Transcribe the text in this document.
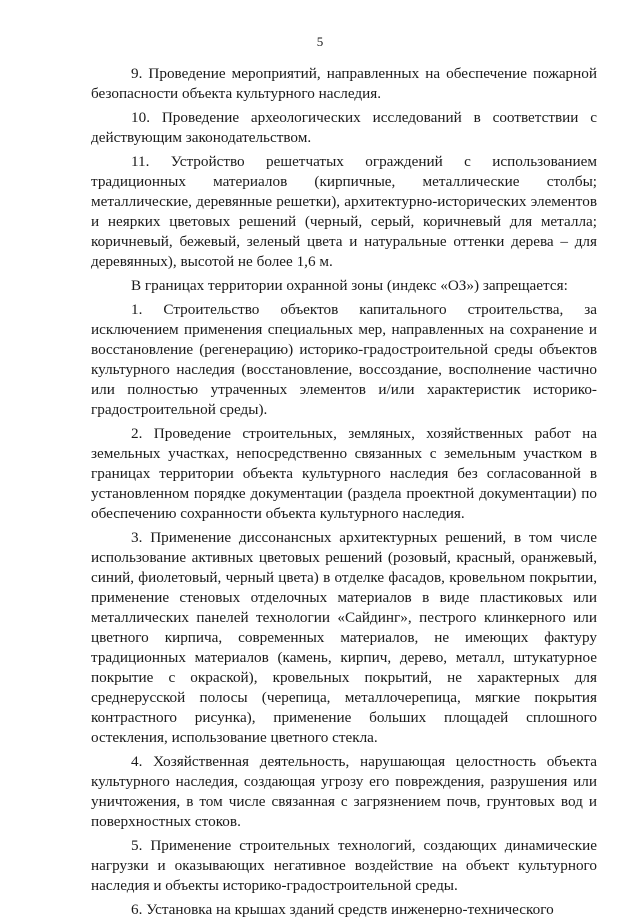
5

9. Проведение мероприятий, направленных на обеспечение пожарной безопасности объекта культурного наследия.

10. Проведение археологических исследований в соответствии с действующим законодательством.

11. Устройство решетчатых ограждений с использованием традиционных материалов (кирпичные, металлические столбы; металлические, деревянные решетки), архитектурно-исторических элементов и неярких цветовых решений (черный, серый, коричневый для металла; коричневый, бежевый, зеленый цвета и натуральные оттенки дерева – для деревянных), высотой не более 1,6 м.

В границах территории охранной зоны (индекс «ОЗ») запрещается:

1. Строительство объектов капитального строительства, за исключением применения специальных мер, направленных на сохранение и восстановление (регенерацию) историко-градостроительной среды объектов культурного наследия (восстановление, воссоздание, восполнение частично или полностью утраченных элементов и/или характеристик историко-градостроительной среды).

2. Проведение строительных, земляных, хозяйственных работ на земельных участках, непосредственно связанных с земельным участком в границах территории объекта культурного наследия без согласованной в установленном порядке документации (раздела проектной документации) по обеспечению сохранности объекта культурного наследия.

3. Применение диссонансных архитектурных решений, в том числе использование активных цветовых решений (розовый, красный, оранжевый, синий, фиолетовый, черный цвета) в отделке фасадов, кровельном покрытии, применение стеновых отделочных материалов в виде пластиковых или металлических панелей технологии «Сайдинг», пестрого клинкерного или цветного кирпича, современных материалов, не имеющих фактуру традиционных материалов (камень, кирпич, дерево, металл, штукатурное покрытие с окраской), кровельных покрытий, не характерных для среднерусской полосы (черепица, металлочерепица, мягкие покрытия контрастного рисунка), применение больших площадей сплошного остекления, использование цветного стекла.

4. Хозяйственная деятельность, нарушающая целостность объекта культурного наследия, создающая угрозу его повреждения, разрушения или уничтожения, в том числе связанная с загрязнением почв, грунтовых вод и поверхностных стоков.

5. Применение строительных технологий, создающих динамические нагрузки и оказывающих негативное воздействие на объект культурного наследия и объекты историко-градостроительной среды.

6. Установка на крышах зданий средств инженерно-технического
